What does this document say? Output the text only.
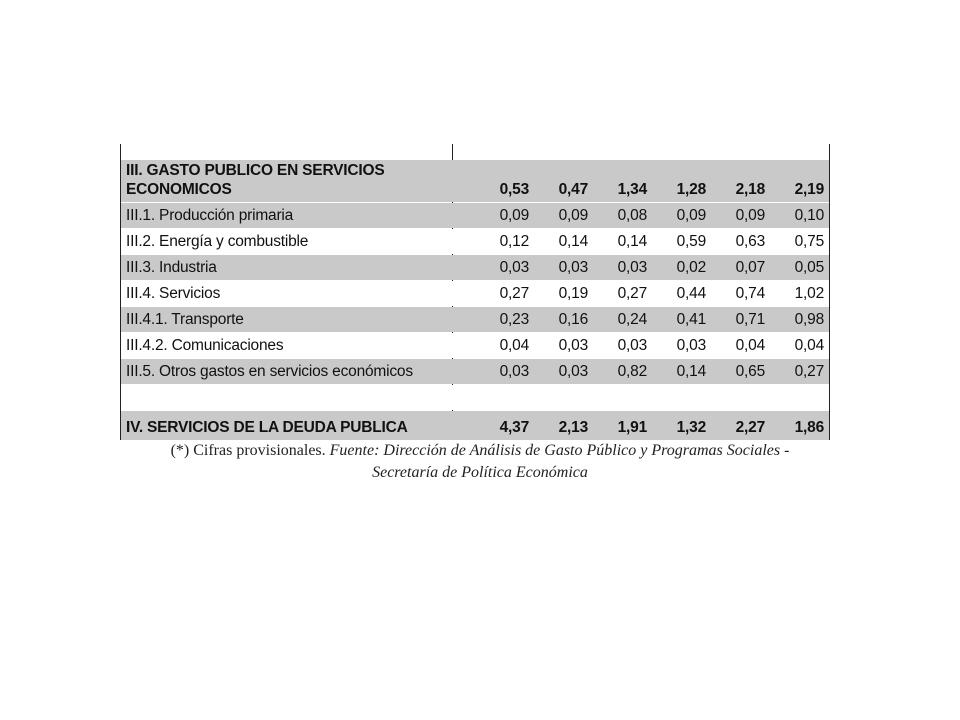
III. GASTO PUBLICO EN SERVICIOS
ECONOMICOS	0,53	0,47	1,34	1,28	2,18	2,19
III.1. Producción primaria	0,09	0,09	0,08	0,09	0,09	0,10
III.2. Energía y combustible	0,12	0,14	0,14	0,59	0,63	0,75
III.3. Industria	0,03	0,03	0,03	0,02	0,07	0,05
III.4. Servicios	0,27	0,19	0,27	0,44	0,74	1,02
III.4.1. Transporte	0,23	0,16	0,24	0,41	0,71	0,98
III.4.2. Comunicaciones	0,04	0,03	0,03	0,03	0,04	0,04
III.5. Otros gastos en servicios económicos	0,03	0,03	0,82	0,14	0,65	0,27
IV. SERVICIOS DE LA DEUDA PUBLICA	4,37	2,13	1,91	1,32	2,27	1,86
(*) Cifras provisionales. Fuente: Dirección de Análisis de Gasto Público y Programas Sociales -
Secretaría de Política Económica
